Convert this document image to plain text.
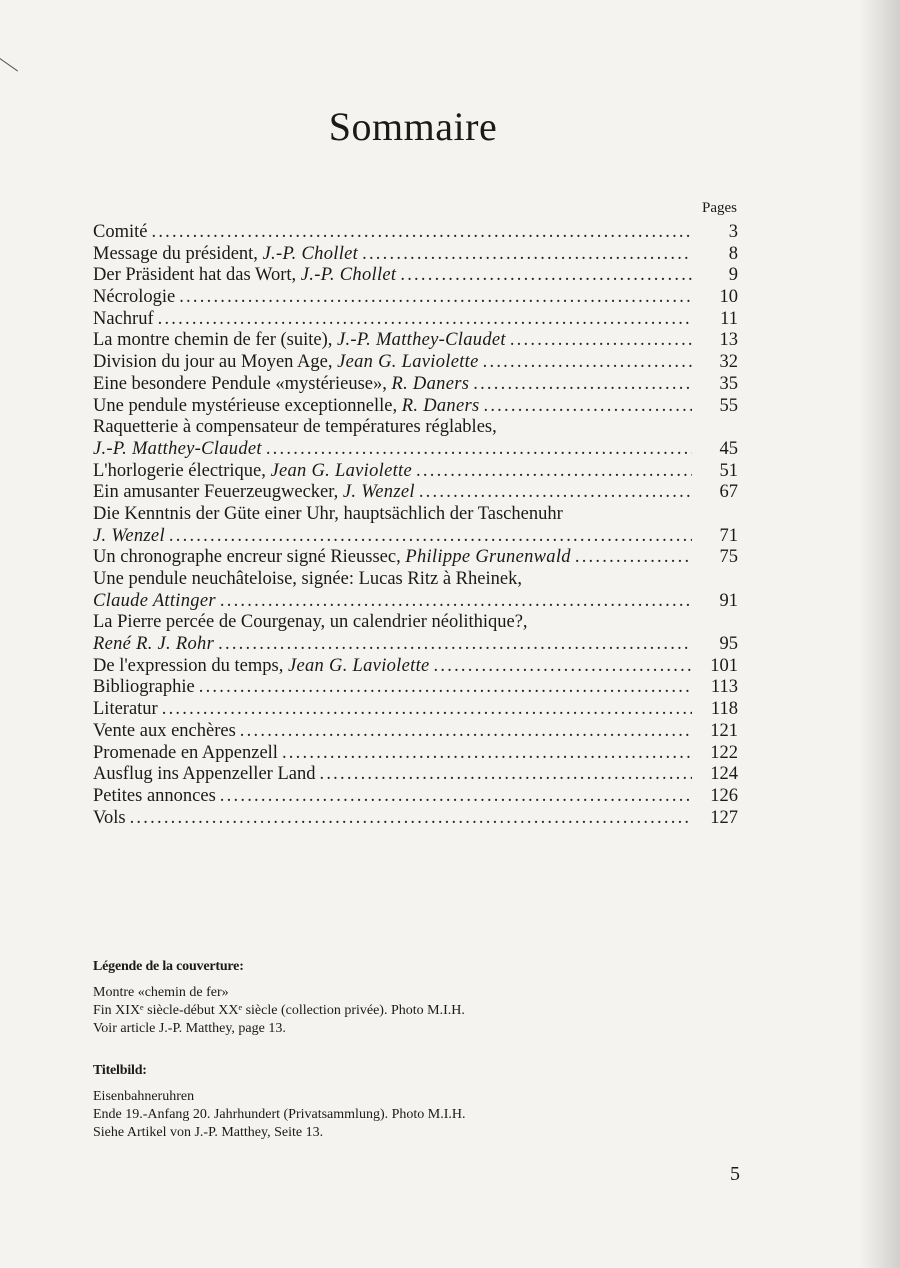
Sommaire
Pages
Comité . . .	3
Message du président, J.-P. Chollet . . .	8
Der Präsident hat das Wort, J.-P. Chollet . . .	9
Nécrologie . . .	10
Nachruf . . .	11
La montre chemin de fer (suite), J.-P. Matthey-Claudet . . .	13
Division du jour au Moyen Age, Jean G. Laviolette . . .	32
Eine besondere Pendule «mystérieuse», R. Daners . . .	35
Une pendule mystérieuse exceptionnelle, R. Daners . . .	55
Raquetterie à compensateur de températures réglables,
J.-P. Matthey-Claudet . . .	45
L'horlogerie électrique, Jean G. Laviolette . . .	51
Ein amusanter Feuerzeugwecker, J. Wenzel . . .	67
Die Kenntnis der Güte einer Uhr, hauptsächlich der Taschenuhr
J. Wenzel . . .	71
Un chronographe encreur signé Rieussec, Philippe Grunenwald . . .	75
Une pendule neuchâteloise, signée: Lucas Ritz à Rheinek,
Claude Attinger . . .	91
La Pierre percée de Courgenay, un calendrier néolithique?,
René R. J. Rohr . . .	95
De l'expression du temps, Jean G. Laviolette . . .	101
Bibliographie . . .	113
Literatur . . .	118
Vente aux enchères . . .	121
Promenade en Appenzell . . .	122
Ausflug ins Appenzeller Land . . .	124
Petites annonces . . .	126
Vols . . .	127
Légende de la couverture:
Montre «chemin de fer»
Fin XIXᵉ siècle-début XXᵉ siècle (collection privée). Photo M.I.H.
Voir article J.-P. Matthey, page 13.
Titelbild:
Eisenbahneruhren
Ende 19.-Anfang 20. Jahrhundert (Privatsammlung). Photo M.I.H.
Siehe Artikel von J.-P. Matthey, Seite 13.
5
